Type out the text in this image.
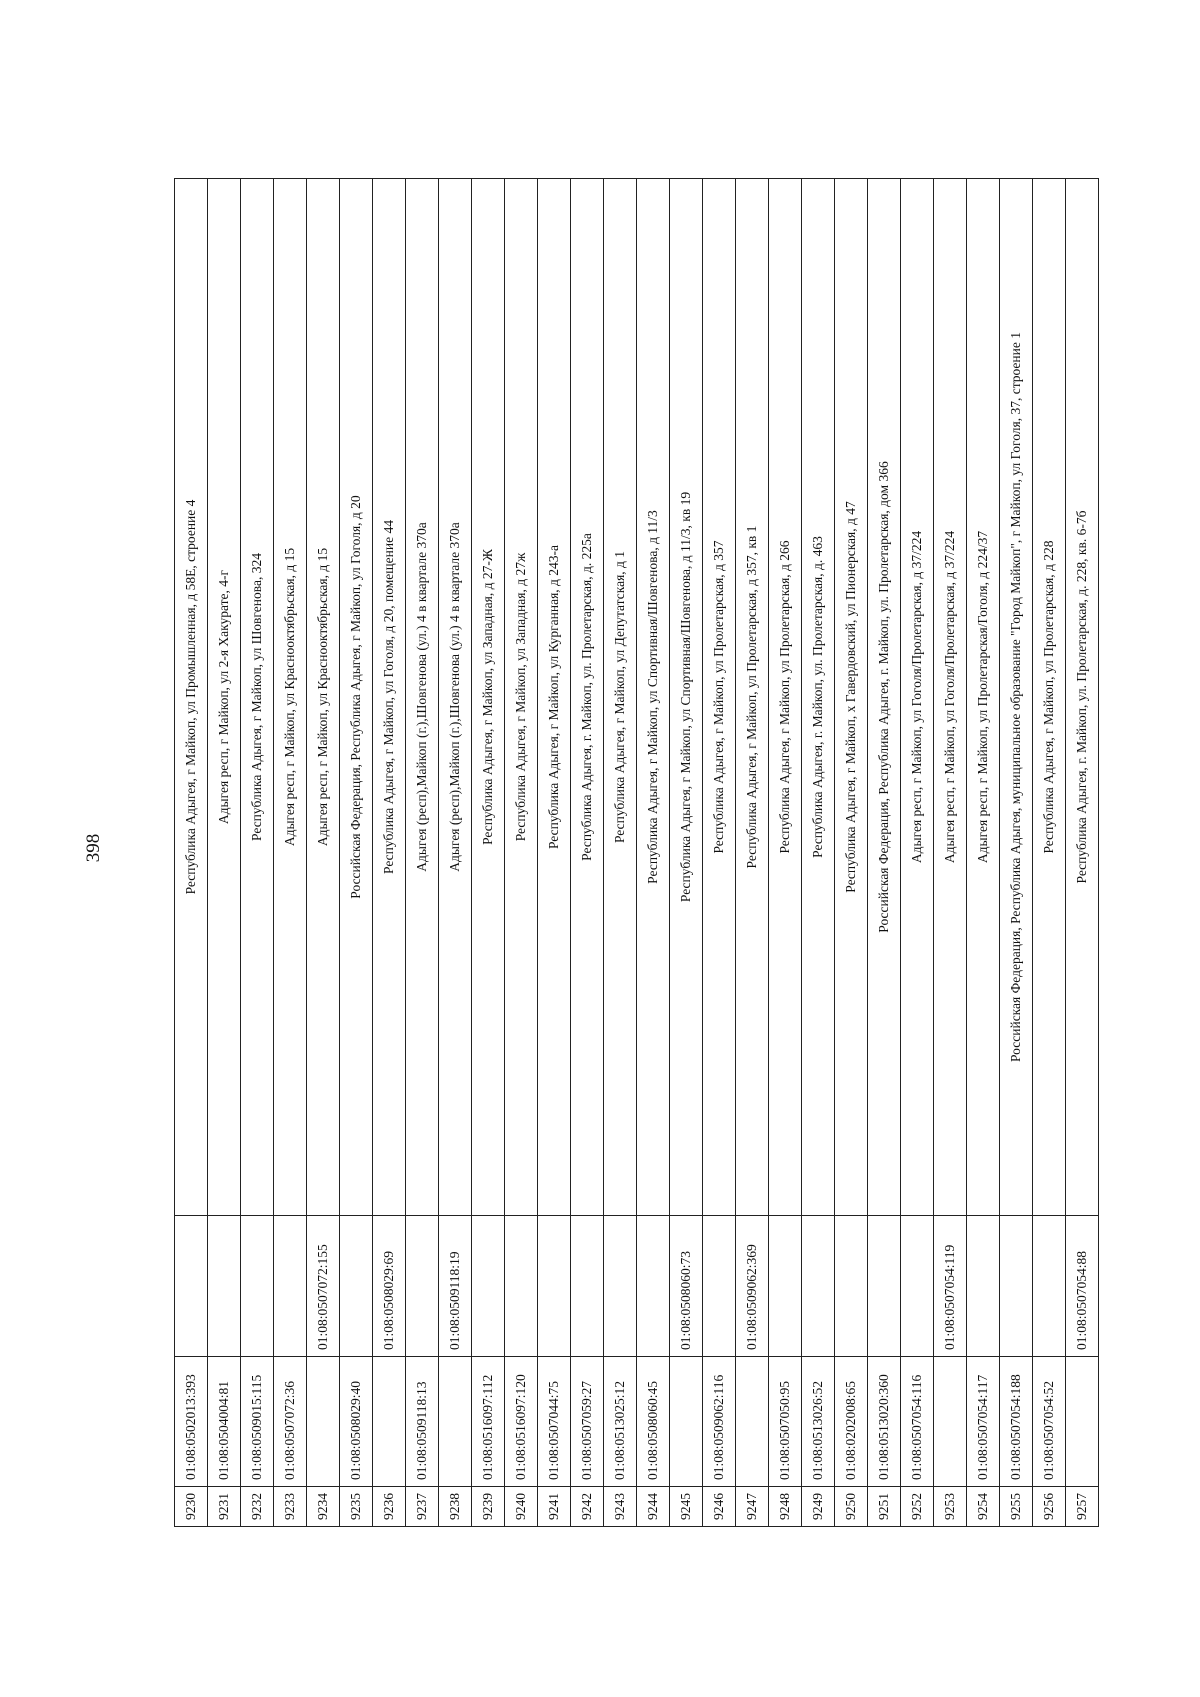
398
9230	01:08:0502013:393		Республика Адыгея, г Майкоп, ул Промышленная, д 58Е, строение 4
9231	01:08:0504004:81		Адыгея респ, г Майкоп, ул 2-я Хакурате, 4-г
9232	01:08:0509015:115		Республика Адыгея, г Майкоп, ул Шовгенова, 324
9233	01:08:0507072:36		Адыгея респ, г Майкоп, ул Краснооктябрьская, д 15
9234		01:08:0507072:155	Адыгея респ, г Майкоп, ул Краснооктябрьская, д 15
9235	01:08:0508029:40		Российская Федерация, Республика Адыгея, г Майкоп, ул Гоголя, д 20
9236		01:08:0508029:69	Республика Адыгея, г Майкоп, ул Гоголя, д 20, помещение 44
9237	01:08:0509118:13		Адыгея (респ),Майкоп (г.),Шовгенова (ул.) 4 в квартале 370а
9238		01:08:0509118:19	Адыгея (респ),Майкоп (г.),Шовгенова (ул.) 4 в квартале 370а
9239	01:08:0516097:112		Республика Адыгея, г Майкоп, ул Западная, д 27-Ж
9240	01:08:0516097:120		Республика Адыгея, г Майкоп, ул Западная, д 27ж
9241	01:08:0507044:75		Республика Адыгея, г Майкоп, ул Курганная, д 243-а
9242	01:08:0507059:27		Республика Адыгея, г. Майкоп, ул. Пролетарская, д. 225а
9243	01:08:0513025:12		Республика Адыгея, г Майкоп, ул Депутатская, д 1
9244	01:08:0508060:45		Республика Адыгея, г Майкоп, ул Спортивная/Шовгенова, д 11/3
9245		01:08:0508060:73	Республика Адыгея, г Майкоп, ул Спортивная/Шовгенова, д 11/3, кв 19
9246	01:08:0509062:116		Республика Адыгея, г Майкоп, ул Пролетарская, д 357
9247		01:08:0509062:369	Республика Адыгея, г Майкоп, ул Пролетарская, д 357, кв 1
9248	01:08:0507050:95		Республика Адыгея, г Майкоп, ул Пролетарская, д 266
9249	01:08:0513026:52		Республика Адыгея, г. Майкоп, ул. Пролетарская, д. 463
9250	01:08:0202008:65		Республика Адыгея, г Майкоп, х Гавердовский, ул Пионерская, д 47
9251	01:08:0513020:360		Российская Федерация, Республика Адыгея, г. Майкоп, ул. Пролетарская, дом 366
9252	01:08:0507054:116		Адыгея респ, г Майкоп, ул Гоголя/Пролетарская, д 37/224
9253		01:08:0507054:119	Адыгея респ, г Майкоп, ул Гоголя/Пролетарская, д 37/224
9254	01:08:0507054:117		Адыгея респ, г Майкоп, ул Пролетарская/Гоголя, д 224/37
9255	01:08:0507054:188		Российская Федерация, Республика Адыгея, муниципальное образование "Город Майкоп", г Майкоп, ул Гоголя, 37, строение 1
9256	01:08:0507054:52		Республика Адыгея, г Майкоп, ул Пролетарская, д 228
9257		01:08:0507054:88	Республика Адыгея, г. Майкоп, ул. Пролетарская, д. 228, кв. 6-7б
